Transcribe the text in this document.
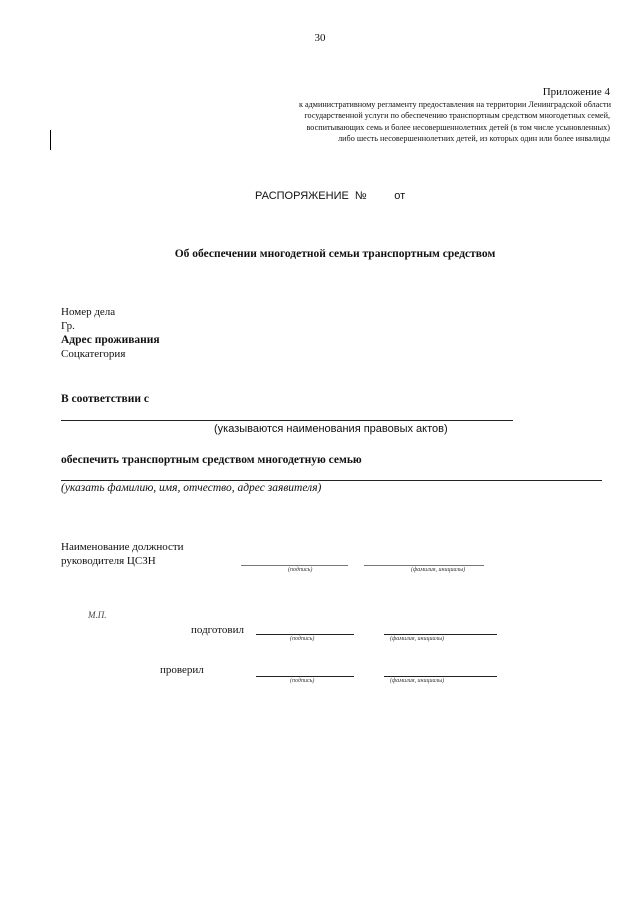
30
Приложение 4
к административному регламенту предоставления на территории Ленинградской области
государственной услуги по обеспечению транспортным средством многодетных семей,
воспитывающих семь и более несовершеннолетних детей (в том числе усыновленных)
либо шесть несовершеннолетних детей, из которых один или более инвалиды
РАСПОРЯЖЕНИЕ  №         от
Об обеспечении многодетной семьи транспортным средством
Номер дела
Гр.
Адрес проживания
Соцкатегория
В соответствии с
(указываются наименования правовых актов)
обеспечить транспортным средством многодетную семью
(указать фамилию, имя, отчество, адрес заявителя)
Наименование должности
руководителя ЦСЗН
(подпись)	(фамилия, инициалы)
М.П.
подготовил
(подпись)	(фамилия, инициалы)
проверил
(подпись)	(фамилия, инициалы)
